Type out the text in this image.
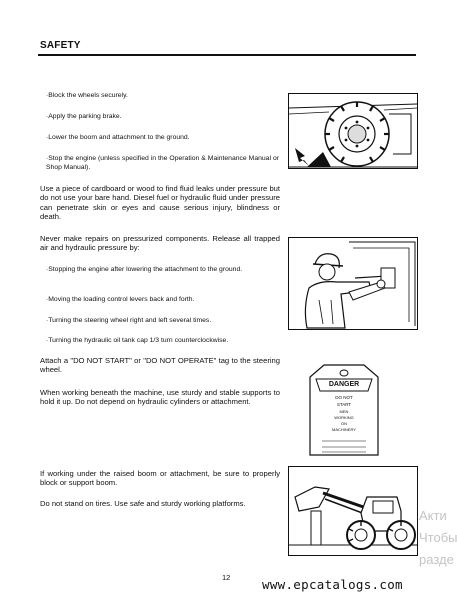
SAFETY
·Block the wheels securely.
·Apply the parking brake.
·Lower the boom and attachment to the ground.
·Stop the engine (unless specified in the Operation & Maintenance Manual or Shop Manual).
Use a piece of cardboard or wood to find fluid leaks under pressure but do not use your bare hand. Diesel fuel or hydraulic fluid under pressure can penetrate skin or eyes and cause serious injury, blindness or death.
Never make repairs on pressurized components. Release all trapped air and hydraulic pressure by:
·Stopping the engine after lowering the attachment to the ground.
·Moving the loading control levers back and forth.
·Turning the steering wheel right and left several times.
·Turning the hydraulic oil tank cap 1/3 turn counterclockwise.
Attach a "DO NOT START" or "DO NOT OPERATE" tag to the steering wheel.
When working beneath the machine, use sturdy and stable supports to hold it up. Do not depend on hydraulic cylinders or attachment.
If working under the raised boom or attachment, be sure to properly block or support boom.
Do not stand on tires. Use safe and sturdy working platforms.
DANGER
DO NOT
START
MEN
WORKING
ON
MACHINERY
12
Акти
Чтобы
разде
www.epcatalogs.com
